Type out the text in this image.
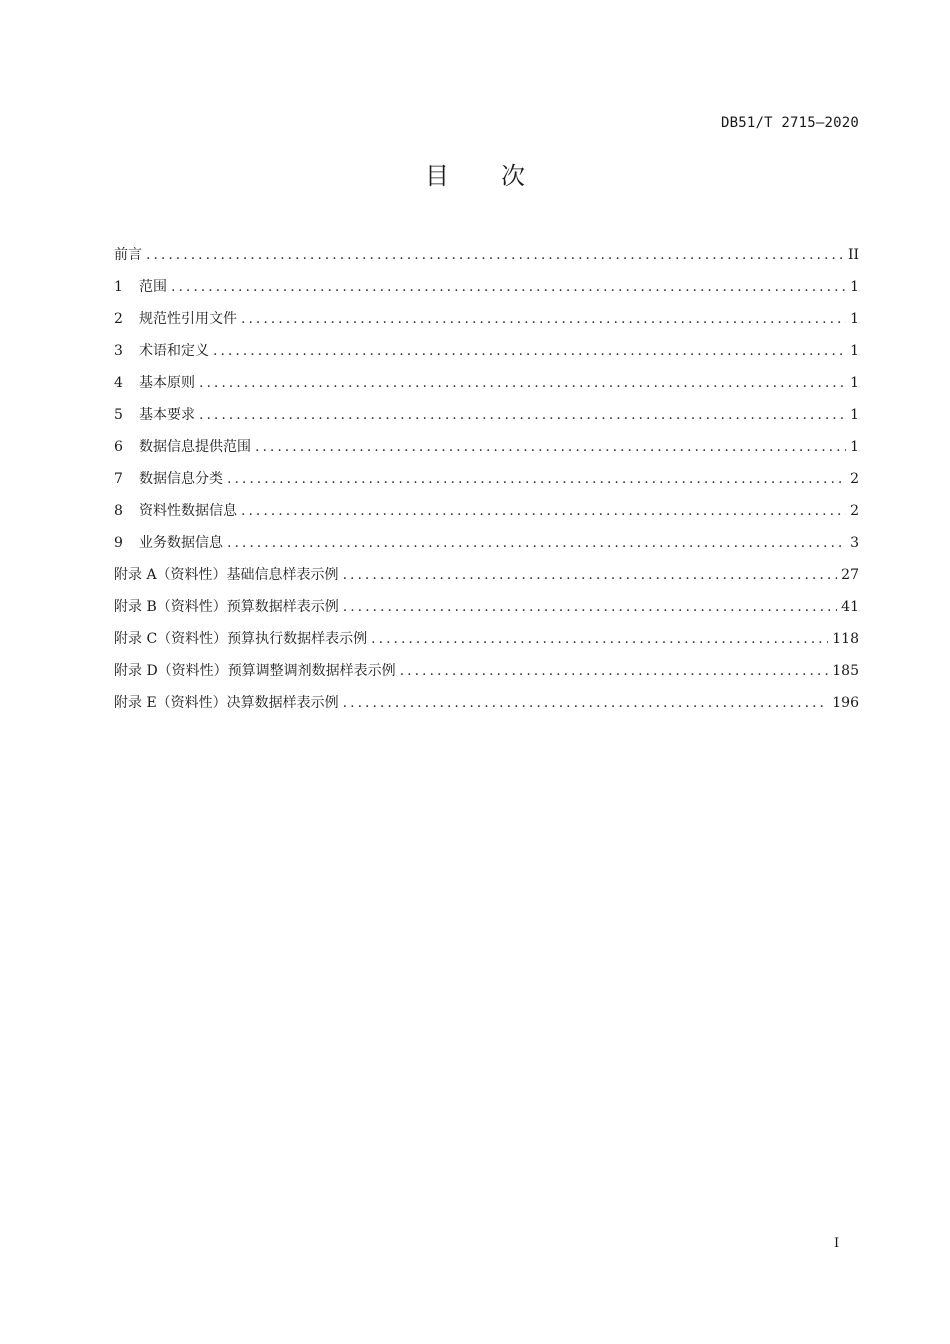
DB51/T 2715—2020
目次
前言 .....	II
1	范围 .....	1
2	规范性引用文件 .....	1
3	术语和定义 .....	1
4	基本原则 .....	1
5	基本要求 .....	1
6	数据信息提供范围 .....	1
7	数据信息分类 .....	2
8	资料性数据信息 .....	2
9	业务数据信息 .....	3
附录 A（资料性） 基础信息样表示例 .....	27
附录 B（资料性） 预算数据样表示例 .....	41
附录 C（资料性） 预算执行数据样表示例 .....	118
附录 D（资料性） 预算调整调剂数据样表示例 .....	185
附录 E（资料性） 决算数据样表示例 .....	196
I
